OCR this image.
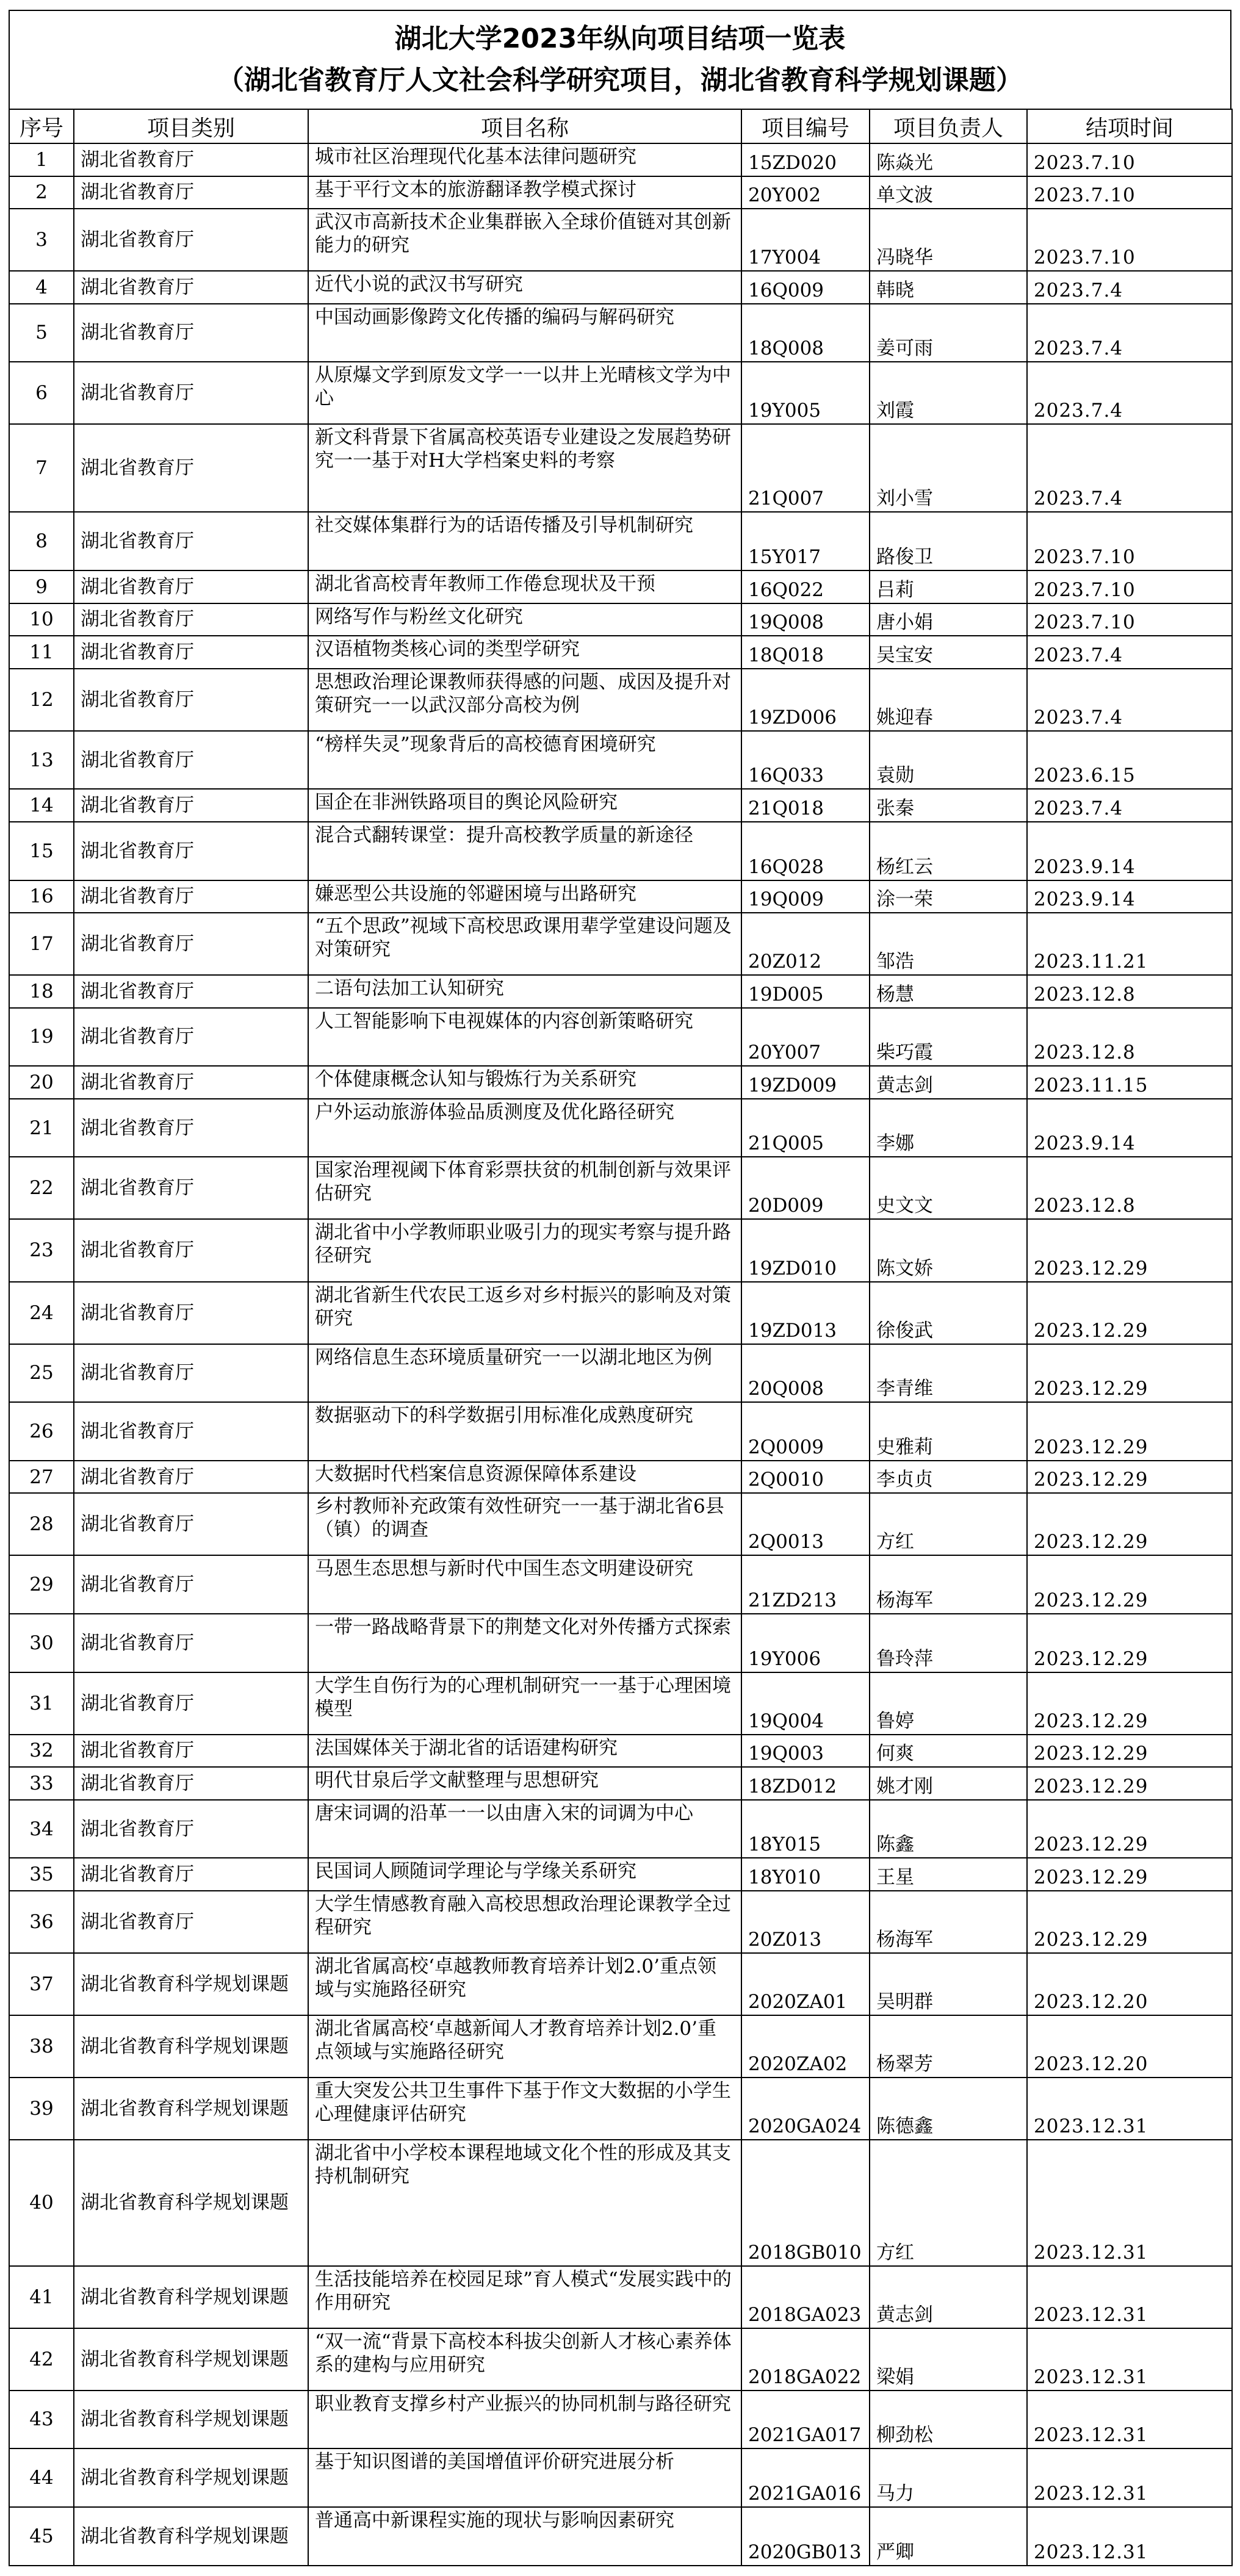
湖北大学2023年纵向项目结项一览表
（湖北省教育厅人文社会科学研究项目，湖北省教育科学规划课题）
序号	项目类别	项目名称	项目编号	项目负责人	结项时间
1	湖北省教育厅	城市社区治理现代化基本法律问题研究	15ZD020	陈焱光	2023.7.10
2	湖北省教育厅	基于平行文本的旅游翻译教学模式探讨	20Y002	单文波	2023.7.10
3	湖北省教育厅	武汉市高新技术企业集群嵌入全球价值链对其创新能力的研究	17Y004	冯晓华	2023.7.10
4	湖北省教育厅	近代小说的武汉书写研究	16Q009	韩晓	2023.7.4
5	湖北省教育厅	中国动画影像跨文化传播的编码与解码研究	18Q008	姜可雨	2023.7.4
6	湖北省教育厅	从原爆文学到原发文学一一以井上光晴核文学为中心	19Y005	刘霞	2023.7.4
7	湖北省教育厅	新文科背景下省属高校英语专业建设之发展趋势研究一一基于对H大学档案史料的考察	21Q007	刘小雪	2023.7.4
8	湖北省教育厅	社交媒体集群行为的话语传播及引导机制研究	15Y017	路俊卫	2023.7.10
9	湖北省教育厅	湖北省高校青年教师工作倦怠现状及干预	16Q022	吕莉	2023.7.10
10	湖北省教育厅	网络写作与粉丝文化研究	19Q008	唐小娟	2023.7.10
11	湖北省教育厅	汉语植物类核心词的类型学研究	18Q018	吴宝安	2023.7.4
12	湖北省教育厅	思想政治理论课教师获得感的问题、成因及提升对策研究一一以武汉部分高校为例	19ZD006	姚迎春	2023.7.4
13	湖北省教育厅	“榜样失灵”现象背后的高校德育困境研究	16Q033	袁勋	2023.6.15
14	湖北省教育厅	国企在非洲铁路项目的舆论风险研究	21Q018	张秦	2023.7.4
15	湖北省教育厅	混合式翻转课堂：提升高校教学质量的新途径	16Q028	杨红云	2023.9.14
16	湖北省教育厅	嫌恶型公共设施的邻避困境与出路研究	19Q009	涂一荣	2023.9.14
17	湖北省教育厅	“五个思政”视域下高校思政课用辈学堂建设问题及对策研究	20Z012	邹浩	2023.11.21
18	湖北省教育厅	二语句法加工认知研究	19D005	杨慧	2023.12.8
19	湖北省教育厅	人工智能影响下电视媒体的内容创新策略研究	20Y007	柴巧霞	2023.12.8
20	湖北省教育厅	个体健康概念认知与锻炼行为关系研究	19ZD009	黄志剑	2023.11.15
21	湖北省教育厅	户外运动旅游体验品质测度及优化路径研究	21Q005	李娜	2023.9.14
22	湖北省教育厅	国家治理视阈下体育彩票扶贫的机制创新与效果评估研究	20D009	史文文	2023.12.8
23	湖北省教育厅	湖北省中小学教师职业吸引力的现实考察与提升路径研究	19ZD010	陈文娇	2023.12.29
24	湖北省教育厅	湖北省新生代农民工返乡对乡村振兴的影响及对策研究	19ZD013	徐俊武	2023.12.29
25	湖北省教育厅	网络信息生态环境质量研究一一以湖北地区为例	20Q008	李青维	2023.12.29
26	湖北省教育厅	数据驱动下的科学数据引用标准化成熟度研究	2Q0009	史雅莉	2023.12.29
27	湖北省教育厅	大数据时代档案信息资源保障体系建设	2Q0010	李贞贞	2023.12.29
28	湖北省教育厅	乡村教师补充政策有效性研究一一基于湖北省6县（镇）的调查	2Q0013	方红	2023.12.29
29	湖北省教育厅	马恩生态思想与新时代中国生态文明建设研究	21ZD213	杨海军	2023.12.29
30	湖北省教育厅	一带一路战略背景下的荆楚文化对外传播方式探索	19Y006	鲁玲萍	2023.12.29
31	湖北省教育厅	大学生自伤行为的心理机制研究一一基于心理困境模型	19Q004	鲁婷	2023.12.29
32	湖北省教育厅	法国媒体关于湖北省的话语建构研究	19Q003	何爽	2023.12.29
33	湖北省教育厅	明代甘泉后学文献整理与思想研究	18ZD012	姚才刚	2023.12.29
34	湖北省教育厅	唐宋词调的沿革一一以由唐入宋的词调为中心	18Y015	陈鑫	2023.12.29
35	湖北省教育厅	民国词人顾随词学理论与学缘关系研究	18Y010	王星	2023.12.29
36	湖北省教育厅	大学生情感教育融入高校思想政治理论课教学全过程研究	20Z013	杨海军	2023.12.29
37	湖北省教育科学规划课题	湖北省属高校‘卓越教师教育培养计划2.0’重点领域与实施路径研究	2020ZA01	吴明群	2023.12.20
38	湖北省教育科学规划课题	湖北省属高校‘卓越新闻人才教育培养计划2.0’重点领域与实施路径研究	2020ZA02	杨翠芳	2023.12.20
39	湖北省教育科学规划课题	重大突发公共卫生事件下基于作文大数据的小学生心理健康评估研究	2020GA024	陈德鑫	2023.12.31
40	湖北省教育科学规划课题	湖北省中小学校本课程地域文化个性的形成及其支持机制研究	2018GB010	方红	2023.12.31
41	湖北省教育科学规划课题	生活技能培养在校园足球”育人模式“发展实践中的作用研究	2018GA023	黄志剑	2023.12.31
42	湖北省教育科学规划课题	“双一流“背景下高校本科拔尖创新人才核心素养体系的建构与应用研究	2018GA022	梁娟	2023.12.31
43	湖北省教育科学规划课题	职业教育支撑乡村产业振兴的协同机制与路径研究	2021GA017	柳劲松	2023.12.31
44	湖北省教育科学规划课题	基于知识图谱的美国增值评价研究进展分析	2021GA016	马力	2023.12.31
45	湖北省教育科学规划课题	普通高中新课程实施的现状与影响因素研究	2020GB013	严卿	2023.12.31
